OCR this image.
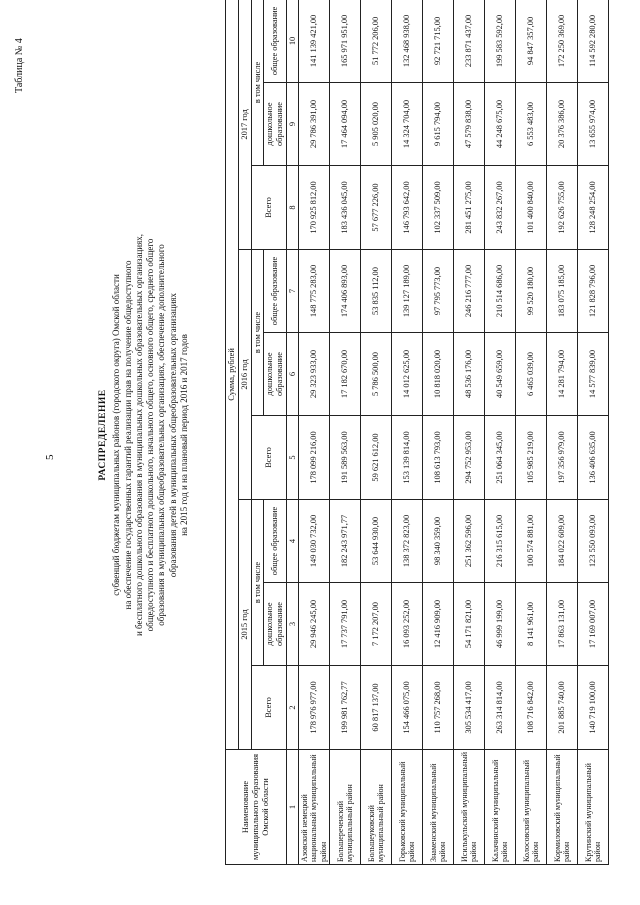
5
Таблица № 4
РАСПРЕДЕЛЕНИЕ субвенций бюджетам муниципальных районов (городского округа) Омской области на обеспечение государственных гарантий реализации прав на получение общедоступного и бесплатного дошкольного образования в муниципальных дошкольных образовательных организациях, общедоступного и бесплатного дошкольного, начального общего, основного общего, среднего общего образования в муниципальных общеобразовательных организациях, обеспечение дополнительного образования детей в муниципальных общеобразовательных организациях на 2015 год и на плановый период 2016 и 2017 годов
Наименование муниципального образования Омской области	Сумма, рублей								
	2015 год			2016 год			2017 год		
	Всего	в том числе		Всего	в том числе		Всего	в том числе	
		дошкольное образование	общее образование		дошкольное образование	общее образование		дошкольное образование	общее образование
1	2	3	4	5	6	7	8	9	10
Азовский немецкий национальный муниципальный район	178 976 977,00	29 946 245,00	149 030 732,00	178 099 216,00	29 323 933,00	148 775 283,00	170 925 812,00	29 786 391,00	141 139 421,00
Большереченский муниципальный район	199 981 762,77	17 737 791,00	182 243 971,77	191 589 563,00	17 182 670,00	174 406 893,00	183 436 045,00	17 464 094,00	165 971 951,00
Большеуковский муниципальный район	60 817 137,00	7 172 207,00	53 644 930,00	59 621 612,00	5 786 500,00	53 835 112,00	57 677 226,00	5 905 020,00	51 772 206,00
Горьковский муниципальный район	154 466 075,00	16 093 252,00	138 372 823,00	153 139 814,00	14 012 625,00	139 127 189,00	146 793 642,00	14 324 704,00	132 468 938,00
Знаменский муниципальный район	110 757 268,00	12 416 909,00	98 340 359,00	108 613 793,00	10 818 020,00	97 795 773,00	102 337 509,00	9 615 794,00	92 721 715,00
Исилькульский муниципальный район	305 534 417,00	54 171 821,00	251 362 596,00	294 752 953,00	48 536 176,00	246 216 777,00	281 451 275,00	47 579 838,00	233 871 437,00
Калачинский муниципальный район	263 314 814,00	46 999 199,00	216 315 615,00	251 064 345,00	40 549 659,00	210 514 686,00	243 832 267,00	44 248 675,00	199 583 592,00
Колосовский муниципальный район	108 716 842,00	8 141 961,00	100 574 881,00	105 985 219,00	6 465 039,00	99 520 180,00	101 400 840,00	6 553 483,00	94 847 357,00
Кормиловский муниципальный район	201 885 740,00	17 863 131,00	184 022 609,00	197 356 979,00	14 281 794,00	183 075 185,00	192 626 755,00	20 376 386,00	172 250 369,00
Крутинский муниципальный район	140 719 100,00	17 169 007,00	123 550 093,00	136 406 635,00	14 577 839,00	121 828 796,00	128 248 254,00	13 655 974,00	114 592 280,00
